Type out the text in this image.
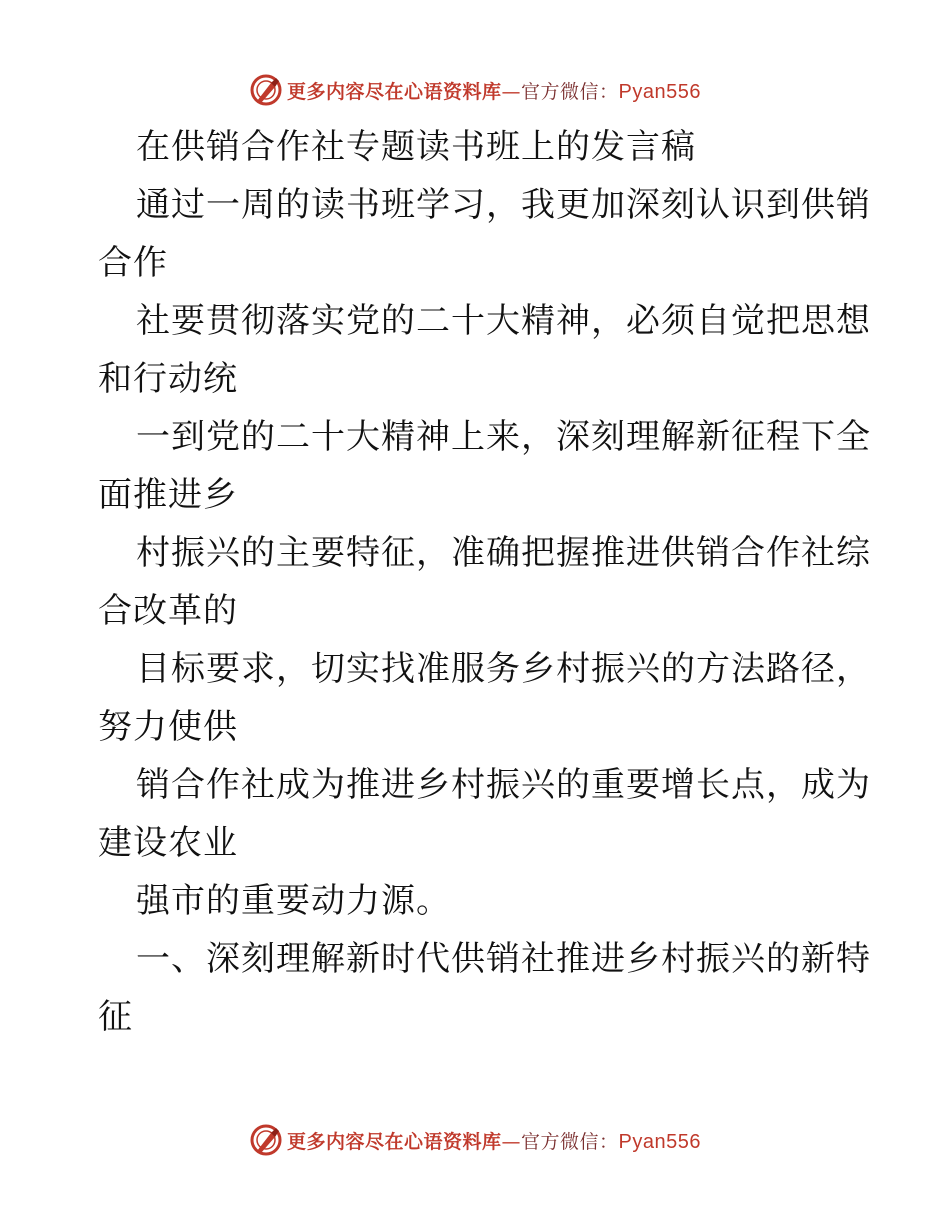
更多内容尽在心语资料库—官方微信：Pyan556
在供销合作社专题读书班上的发言稿
通过一周的读书班学习，我更加深刻认识到供销
合作
社要贯彻落实党的二十大精神，必须自觉把思想
和行动统
一到党的二十大精神上来，深刻理解新征程下全
面推进乡
村振兴的主要特征，准确把握推进供销合作社综
合改革的
目标要求，切实找准服务乡村振兴的方法路径，
努力使供
销合作社成为推进乡村振兴的重要增长点，成为
建设农业
强市的重要动力源。
一、深刻理解新时代供销社推进乡村振兴的新特
征
更多内容尽在心语资料库—官方微信：Pyan556
